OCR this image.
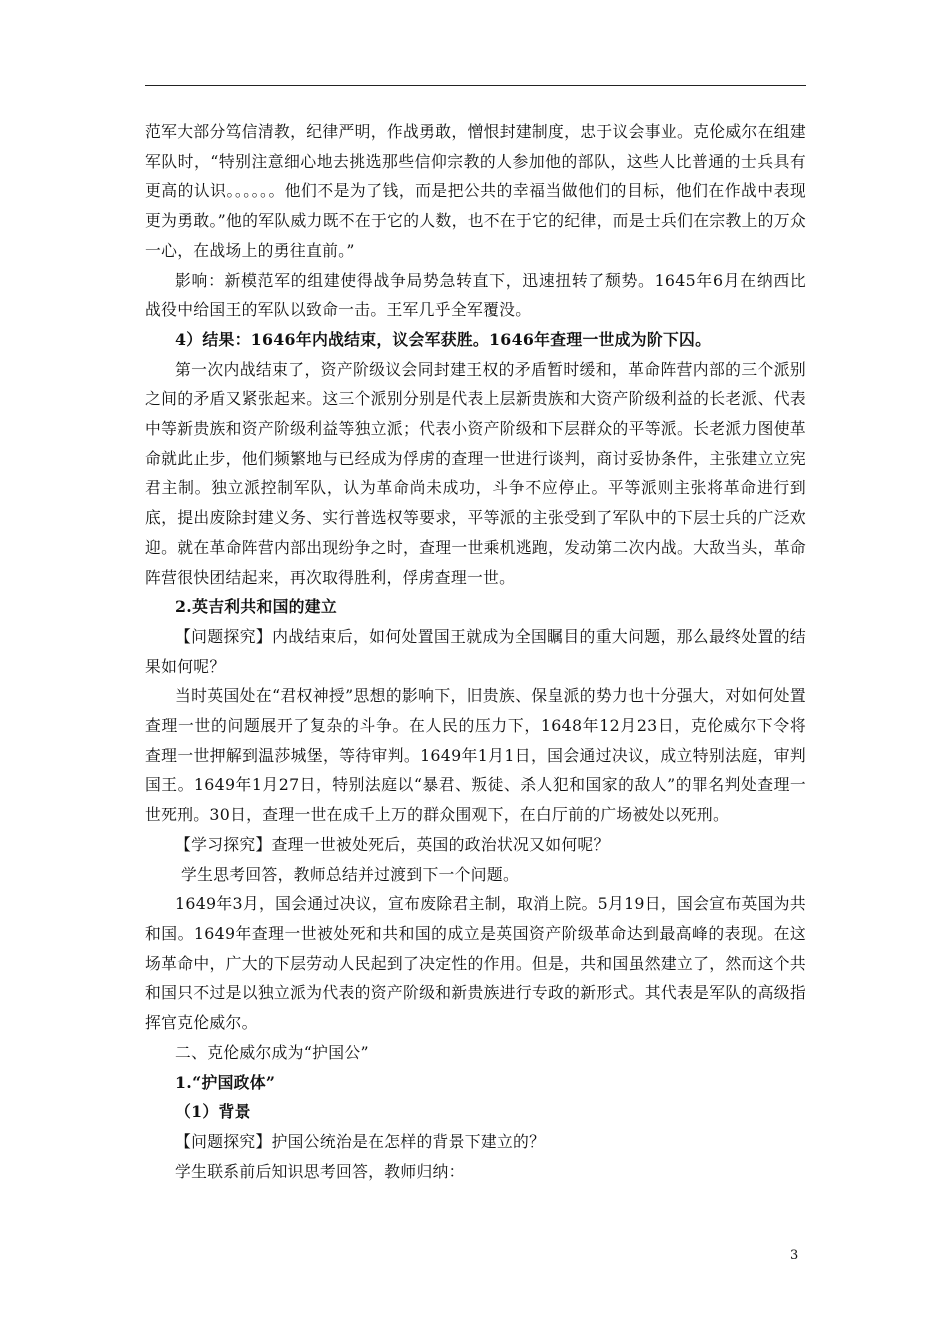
范军大部分笃信清教，纪律严明，作战勇敢，憎恨封建制度，忠于议会事业。克伦威尔在组建军队时，“特别注意细心地去挑选那些信仰宗教的人参加他的部队，这些人比普通的士兵具有更高的认识。。。。。。他们不是为了钱，而是把公共的幸福当做他们的目标，他们在作战中表现更为勇敢。”他的军队威力既不在于它的人数，也不在于它的纪律，而是士兵们在宗教上的万众一心，在战场上的勇往直前。”

影响：新模范军的组建使得战争局势急转直下，迅速扭转了颓势。1645年6月在纳西比战役中给国王的军队以致命一击。王军几乎全军覆没。

4）结果：1646年内战结束，议会军获胜。1646年查理一世成为阶下囚。

第一次内战结束了，资产阶级议会同封建王权的矛盾暂时缓和，革命阵营内部的三个派别之间的矛盾又紧张起来。这三个派别分别是代表上层新贵族和大资产阶级利益的长老派、代表中等新贵族和资产阶级利益等独立派；代表小资产阶级和下层群众的平等派。长老派力图使革命就此止步，他们频繁地与已经成为俘虏的查理一世进行谈判，商讨妥协条件，主张建立立宪君主制。独立派控制军队，认为革命尚未成功，斗争不应停止。平等派则主张将革命进行到底，提出废除封建义务、实行普选权等要求，平等派的主张受到了军队中的下层士兵的广泛欢迎。就在革命阵营内部出现纷争之时，查理一世乘机逃跑，发动第二次内战。大敌当头，革命阵营很快团结起来，再次取得胜利，俘虏查理一世。

2.英吉利共和国的建立

【问题探究】内战结束后，如何处置国王就成为全国瞩目的重大问题，那么最终处置的结果如何呢？

当时英国处在“君权神授”思想的影响下，旧贵族、保皇派的势力也十分强大，对如何处置查理一世的问题展开了复杂的斗争。在人民的压力下，1648年12月23日，克伦威尔下令将查理一世押解到温莎城堡，等待审判。1649年1月1日，国会通过决议，成立特别法庭，审判国王。1649年1月27日，特别法庭以“暴君、叛徒、杀人犯和国家的敌人”的罪名判处查理一世死刑。30日，查理一世在成千上万的群众围观下，在白厅前的广场被处以死刑。

【学习探究】查理一世被处死后，英国的政治状况又如何呢？

学生思考回答，教师总结并过渡到下一个问题。

1649年3月，国会通过决议，宣布废除君主制，取消上院。5月19日，国会宣布英国为共和国。1649年查理一世被处死和共和国的成立是英国资产阶级革命达到最高峰的表现。在这场革命中，广大的下层劳动人民起到了决定性的作用。但是，共和国虽然建立了，然而这个共和国只不过是以独立派为代表的资产阶级和新贵族进行专政的新形式。其代表是军队的高级指挥官克伦威尔。

二、克伦威尔成为“护国公”

1.“护国政体”

（1）背景

【问题探究】护国公统治是在怎样的背景下建立的？

学生联系前后知识思考回答，教师归纳：

3
